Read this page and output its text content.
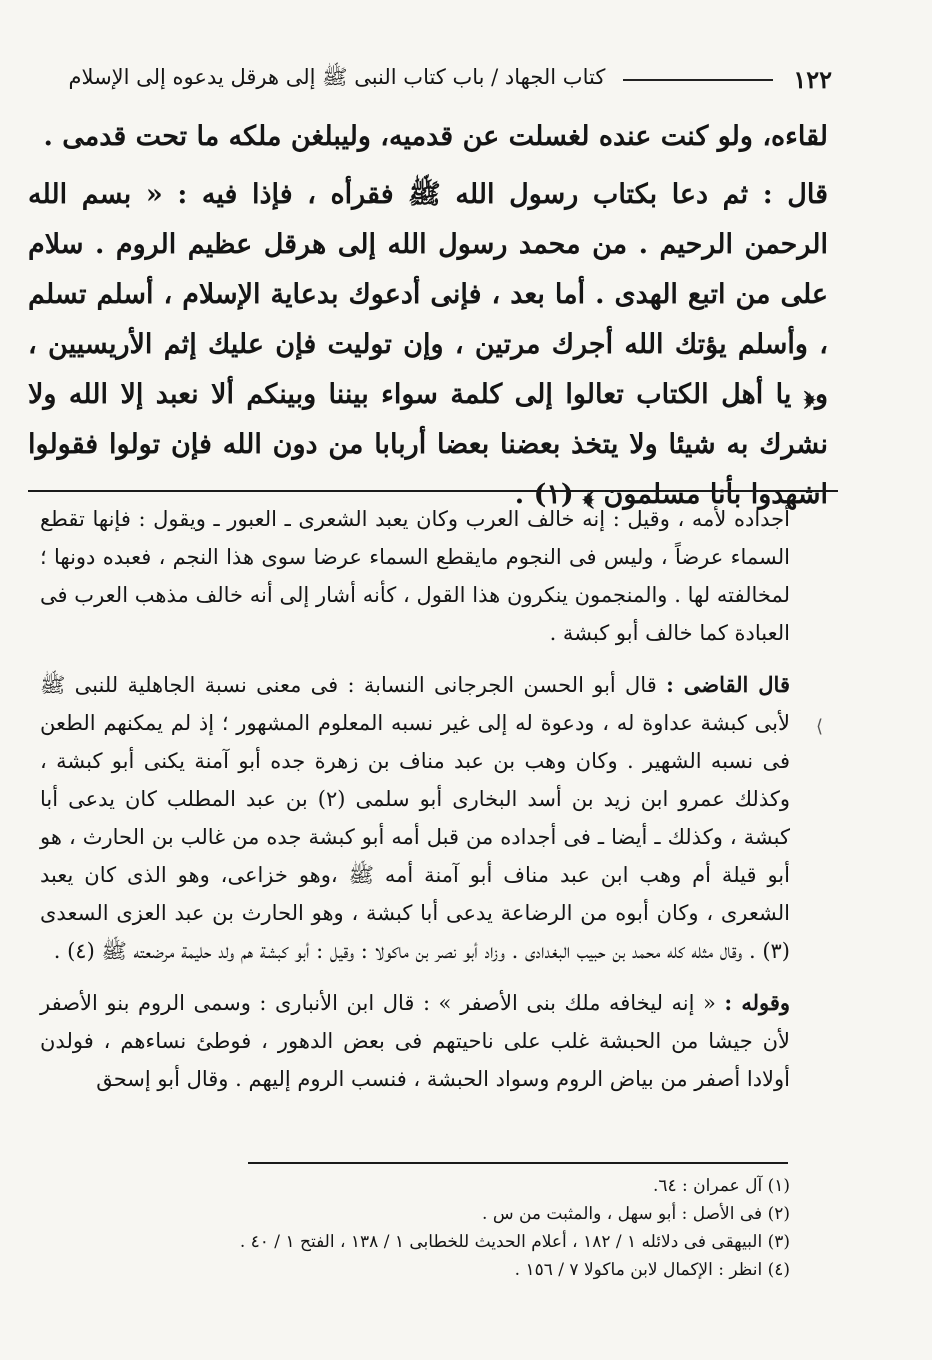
١٢٢
كتاب الجهاد / باب كتاب النبى ﷺ إلى هرقل يدعوه إلى الإسلام

لقاءه، ولو كنت عنده لغسلت عن قدميه، وليبلغن ملكه ما تحت قدمى .

قال : ثم دعا بكتاب رسول الله ﷺ فقرأه ، فإذا فيه : « بسم الله الرحمن الرحيم . من محمد رسول الله إلى هرقل عظيم الروم . سلام على من اتبع الهدى . أما بعد ، فإنى أدعوك بدعاية الإسلام ، أسلم تسلم ، وأسلم يؤتك الله أجرك مرتين ، وإن توليت فإن عليك إثم الأريسيين ، و﴿ يا أهل الكتاب تعالوا إلى كلمة سواء بيننا وبينكم ألا نعبد إلا الله ولا نشرك به شيئا ولا يتخذ بعضنا بعضا أربابا من دون الله فإن تولوا فقولوا اشهدوا بأنا مسلمون ﴾ (١) .

أجداده لأمه ، وقيل : إنه خالف العرب وكان يعبد الشعرى ـ العبور ـ ويقول : فإنها تقطع السماء عرضاً ، وليس فى النجوم مايقطع السماء عرضا سوى هذا النجم ، فعبده دونها ؛ لمخالفته لها . والمنجمون ينكرون هذا القول ، كأنه أشار إلى أنه خالف مذهب العرب فى العبادة كما خالف أبو كبشة .

قال القاضى : قال أبو الحسن الجرجانى النسابة : فى معنى نسبة الجاهلية للنبى ﷺ لأبى كبشة عداوة له ، ودعوة له إلى غير نسبه المعلوم المشهور ؛ إذ لم يمكنهم الطعن فى نسبه الشهير . وكان وهب بن عبد مناف بن زهرة جده أبو آمنة يكنى أبو كبشة ، وكذلك عمرو ابن زيد بن أسد البخارى أبو سلمى (٢) بن عبد المطلب كان يدعى أبا كبشة ، وكذلك ـ أيضا ـ فى أجداده من قبل أمه أبو كبشة جده من غالب بن الحارث ، هو أبو قيلة أم وهب ابن عبد مناف أبو آمنة أمه ﷺ ،وهو خزاعى، وهو الذى كان يعبد الشعرى ، وكان أبوه من الرضاعة يدعى أبا كبشة ، وهو الحارث بن عبد العزى السعدى (٣) . وقال مثله كله محمد بن حبيب البغدادى . وزاد أبو نصر بن ماكولا : وقيل : أبو كبشة هم ولد حليمة مرضعته ﷺ (٤) .

وقوله : « إنه ليخافه ملك بنى الأصفر » : قال ابن الأنبارى : وسمى الروم بنو الأصفر لأن جيشا من الحبشة غلب على ناحيتهم فى بعض الدهور ، فوطئ نساءهم ، فولدن أولادا أصفر من بياض الروم وسواد الحبشة ، فنسب الروم إليهم . وقال أبو إسحق

(١) آل عمران : ٦٤.
(٢) فى الأصل : أبو سهل ، والمثبت من س .
(٣) البيهقى فى دلائله ١ / ١٨٢ ، أعلام الحديث للخطابى ١ / ١٣٨ ، الفتح ١ / ٤٠ .
(٤) انظر : الإكمال لابن ماكولا ٧ / ١٥٦ .
⟨
